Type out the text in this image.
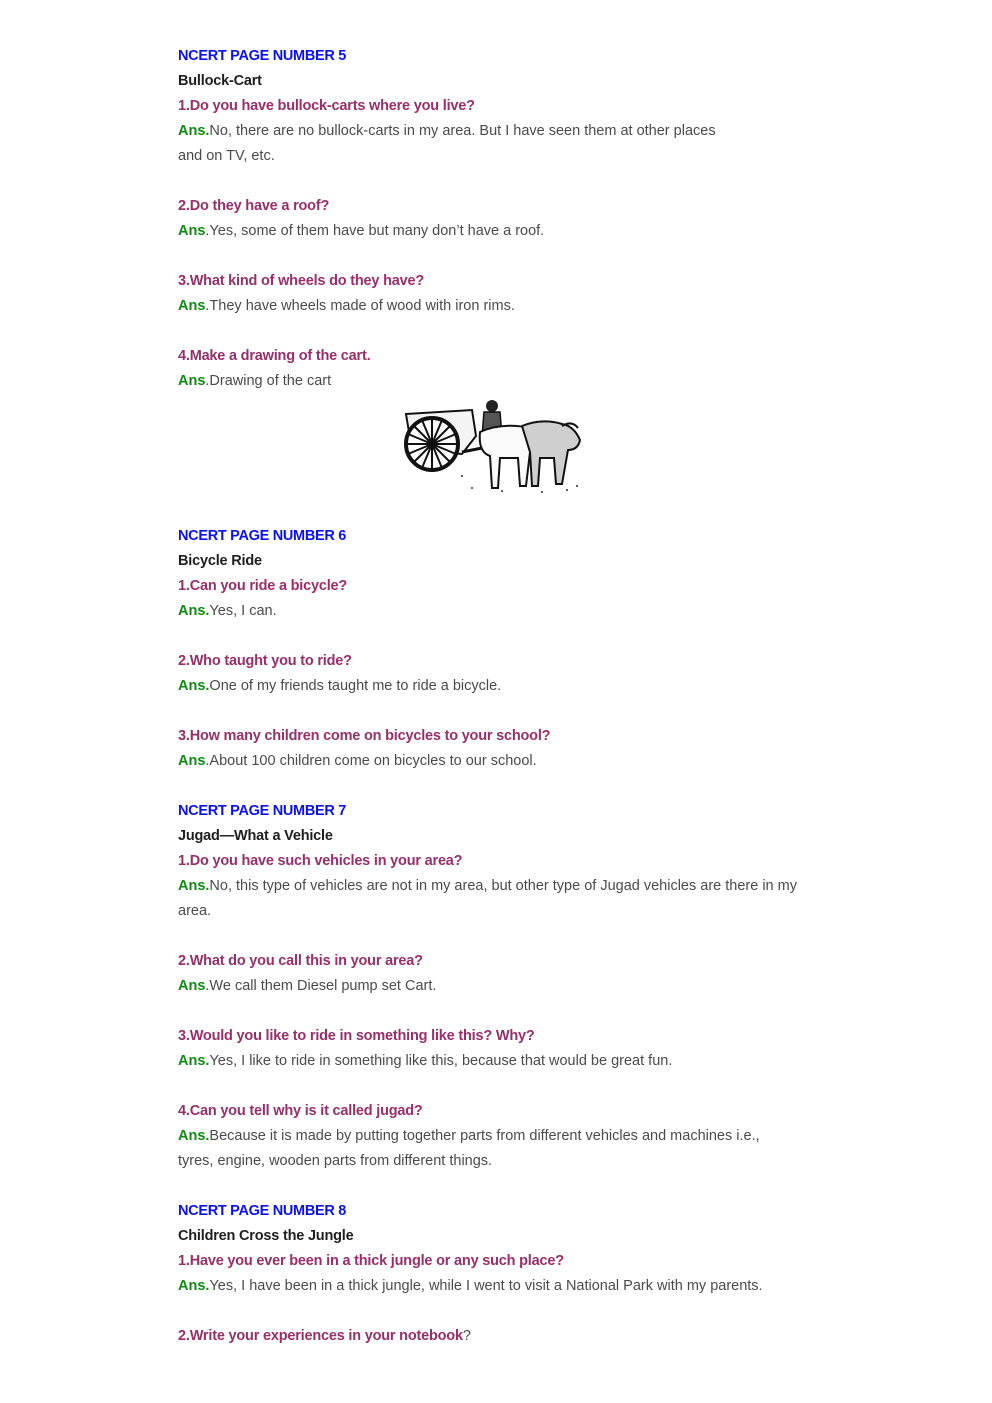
NCERT PAGE NUMBER 5
Bullock-Cart
1.Do you have bullock-carts where you live?
Ans.No, there are no bullock-carts in my area. But I have seen them at other places and on TV, etc.
2.Do they have a roof?
Ans.Yes, some of them have but many don’t have a roof.
3.What kind of wheels do they have?
Ans.They have wheels made of wood with iron rims.
4.Make a drawing of the cart.
Ans.Drawing of the cart
NCERT PAGE NUMBER 6
Bicycle Ride
1.Can you ride a bicycle?
Ans.Yes, I can.
2.Who taught you to ride?
Ans.One of my friends taught me to ride a bicycle.
3.How many children come on bicycles to your school?
Ans.About 100 children come on bicycles to our school.
NCERT PAGE NUMBER 7
Jugad—What a Vehicle
1.Do you have such vehicles in your area?
Ans.No, this type of vehicles are not in my area, but other type of Jugad vehicles are there in my area.
2.What do you call this in your area?
Ans.We call them Diesel pump set Cart.
3.Would you like to ride in something like this? Why?
Ans.Yes, I like to ride in something like this, because that would be great fun.
4.Can you tell why is it called jugad?
Ans.Because it is made by putting together parts from different vehicles and machines i.e., tyres, engine, wooden parts from different things.
NCERT PAGE NUMBER 8
Children Cross the Jungle
1.Have you ever been in a thick jungle or any such place?
Ans.Yes, I have been in a thick jungle, while I went to visit a National Park with my parents.
2.Write your experiences in your notebook?
